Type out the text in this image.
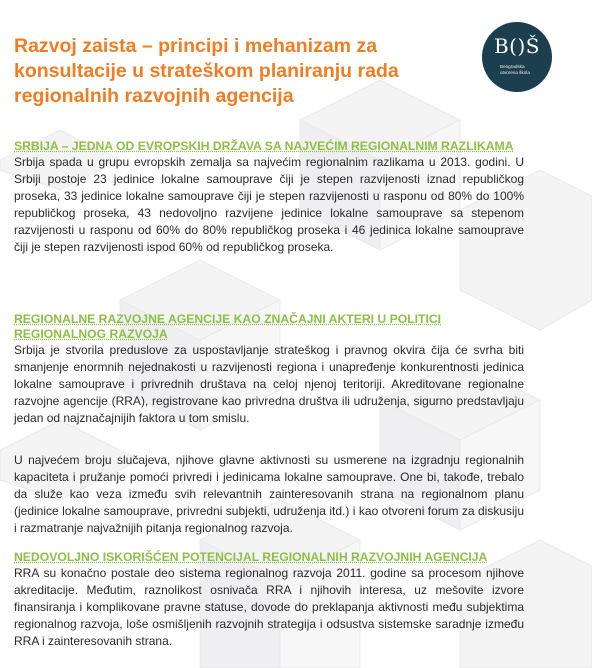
Razvoj zaista – principi i mehanizam za konsultacije u strateškom planiranju rada regionalnih razvojnih agencija
B()Š
Beogradska otvorena škola
SRBIJA – JEDNA OD EVROPSKIH DRŽAVA SA NAJVEĆIM REGIONALNIM RAZLIKAMA

Srbija spada u grupu evropskih zemalja sa najvećim regionalnim razlikama u 2013. godini. U Srbiji postoje 23 jedinice lokalne samouprave čiji je stepen razvijenosti iznad republičkog proseka, 33 jedinice lokalne samouprave čiji je stepen razvijenosti u rasponu od 80% do 100% republičkog proseka, 43 nedovoljno razvijene jedinice lokalne samouprave sa stepenom razvijenosti u rasponu od 60% do 80% republičkog proseka i 46 jedinica lokalne samouprave čiji je stepen razvijenosti ispod 60% od republičkog proseka.

REGIONALNE RAZVOJNE AGENCIJE KAO ZNAČAJNI AKTERI U POLITICI REGIONALNOG RAZVOJA

Srbija je stvorila preduslove za uspostavljanje strateškog i pravnog okvira čija će svrha biti smanjenje enormnih nejednakosti u razvijenosti regiona i unapređenje konkurentnosti jedinica lokalne samouprave i privrednih društava na celoj njenoj teritoriji. Akreditovane regionalne razvojne agencije (RRA), registrovane kao privredna društva ili udruženja, sigurno predstavljaju jedan od najznačajnijih faktora u tom smislu.

U najvećem broju slučajeva, njihove glavne aktivnosti su usmerene na izgradnju regionalnih kapaciteta i pružanje pomoći privredi i jedinicama lokalne samouprave. One bi, takođe, trebalo da služe kao veza između svih relevantnih zainteresovanih strana na regionalnom planu (jedinice lokalne samouprave, privredni subjekti, udruženja itd.) i kao otvoreni forum za diskusiju i razmatranje najvažnijih pitanja regionalnog razvoja.

NEDOVOLJNO ISKORIŠĆEN POTENCIJAL REGIONALNIH RAZVOJNIH AGENCIJA

RRA su konačno postale deo sistema regionalnog razvoja 2011. godine sa procesom njihove akreditacije. Međutim, raznolikost osnivača RRA i njihovih interesa, uz mešovite izvore finansiranja i komplikovane pravne statuse, dovode do preklapanja aktivnosti među subjektima regionalnog razvoja, loše osmišljenih razvojnih strategija i odsustva sistemske saradnje između RRA i zainteresovanih strana.
